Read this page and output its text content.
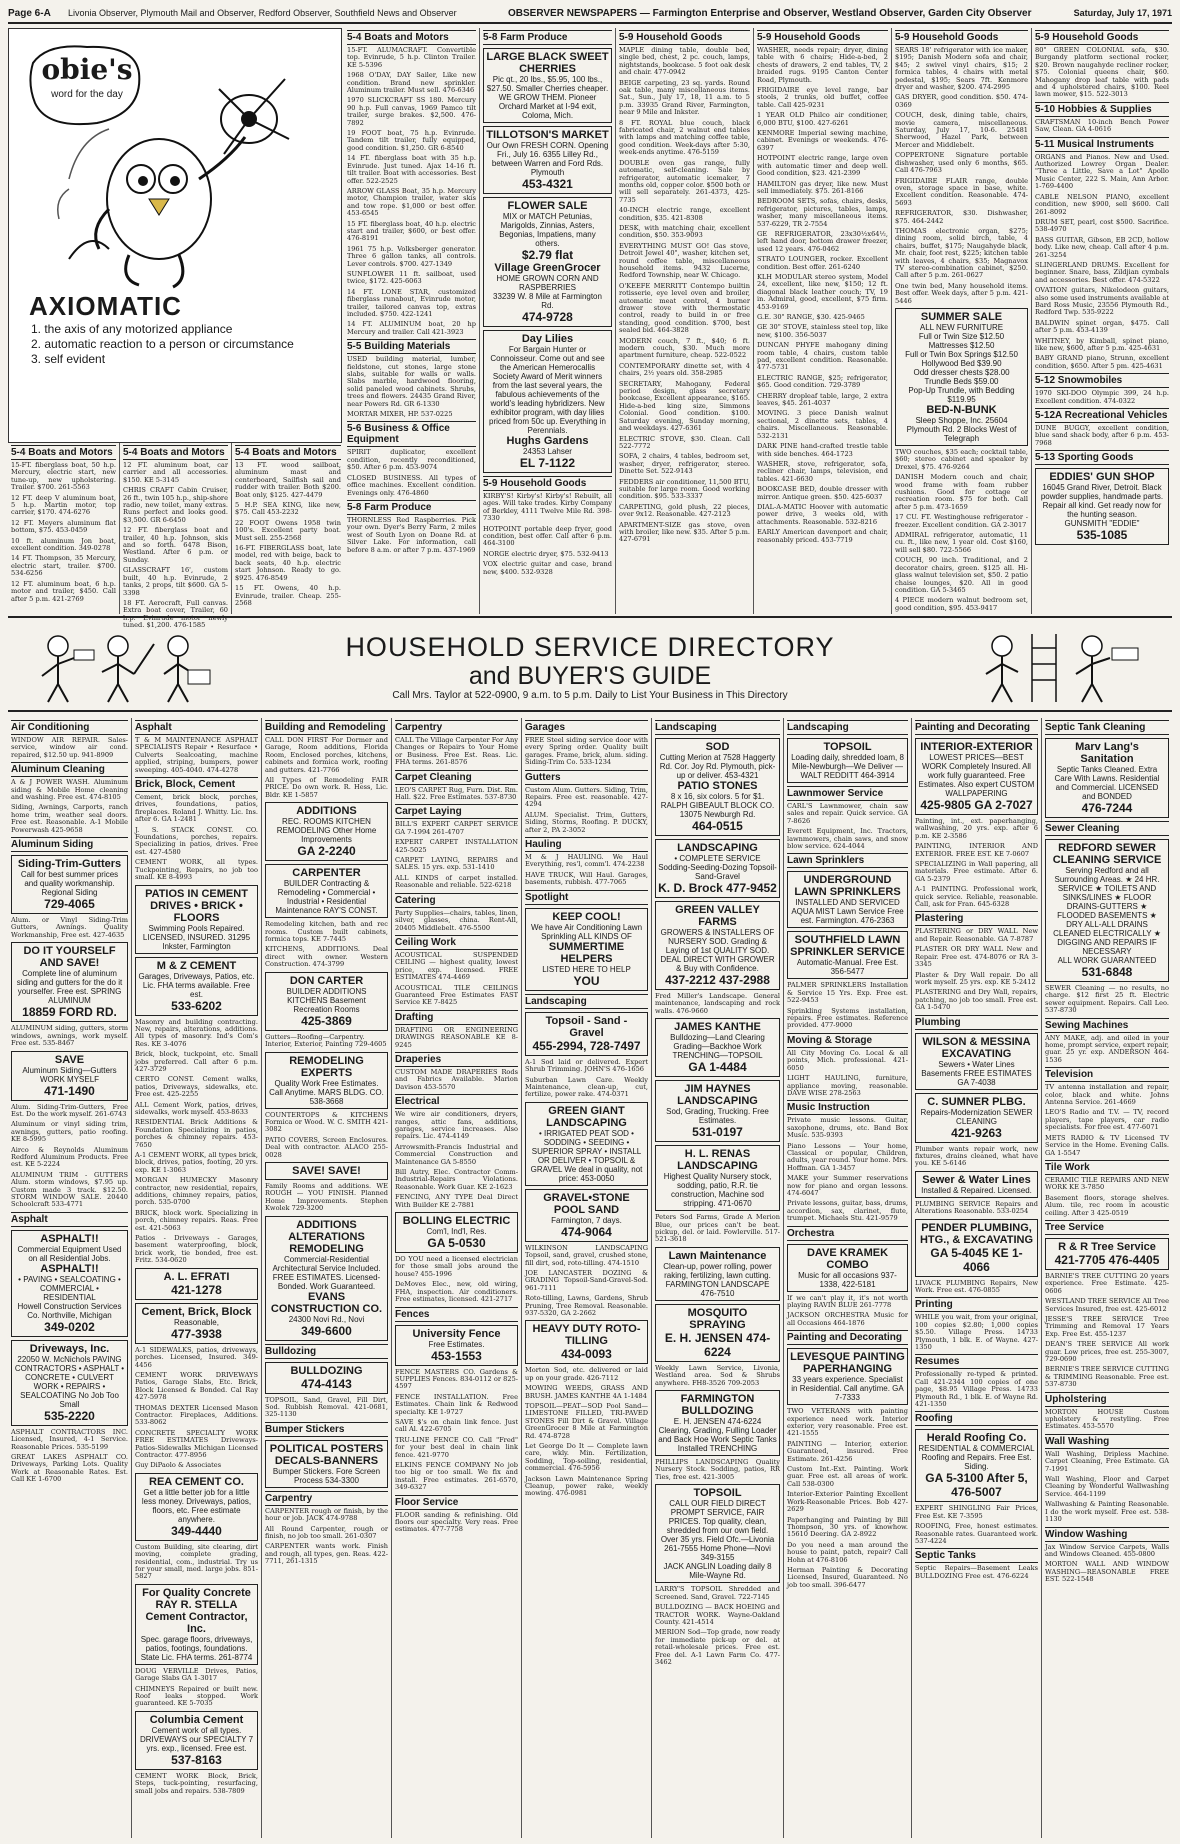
Page 6-A Livonia Observer, Plymouth Mail and Observer, Redford Observer, Southfield News and Observer	Saturday, July 17, 1971
OBSERVER NEWSPAPERS — Farmington Enterprise and Observer, Westland Observer, Garden City Observer
obie's
word for the day
AXIOMATIC
1. the axis of any motorized appliance
2. automatic reaction to a person or circumstance
3. self evident
5-4 Boats and Motors
15-FT. ALUMACRAFT. Convertible top. Evinrude, 5 h.p. Clinton Trailer. KE 5-5396
1968 O'DAY, DAY Sailer, Like new condition. Brand new sprinkler. Aluminum trailer. Must sell. 476-6346
1970 SLICKCRAFT SS 180. Mercury 90 h.p. Full canvas, 1969 Pamco tilt trailer, surge brakes. $2,500. 476-7892
19 FOOT boat, 75 h.p. Evinrude. Tandem tilt trailer, fully equipped, good condition. $1,250. GR 6-8540
14 FT. fiberglass boat with 35 h.p. Evinrude. Just tuned. Ajax 14-16 ft. tilt trailer. Boat with accessories. Best offer. 522-2525
ARROW GLASS Boat, 35 h.p. Mercury motor, Champion trailer, water skis and tow rope. $1,000 or best offer. 453-6545
15 FT. fiberglass boat, 40 h.p. electric start and trailer, $600, or best offer. 476-8191
1961 75 h.p. Volksberger generator. Three 6 gallon tanks, all controls. Lever controls. $700. 427-1349
SUNFLOWER 11 ft. sailboat, used twice, $172. 425-6063
14 FT. LONE STAR, customized fiberglass runabout, Evinrude motor, trailer, tailored canvas top, extras included. $750. 422-1241
14 FT. ALUMINUM boat, 20 hp Mercury and trailer. Call 421-3923
5-5 Building Materials
USED building material, lumber, fieldstone, cut stones, large stone slabs, suitable for walls or walls. Slabs marble, hardwood flooring, solid paneled wood cabinets. Shrubs, trees and flowers. 24435 Grand River, near Powers Rd. GR 6-1330
MORTAR MIXER, HP. 537-0225
5-6 Business & Office Equipment
SPIRIT duplicator, excellent condition, recently reconditioned, $50. After 6 p.m. 453-9074
CLOSED BUSINESS. All types of office machines. Excellent condition. Evenings only. 476-4860
5-8 Farm Produce
THORNLESS Red Raspberries. Pick your own. Dyer's Berry Farm, 2 miles west of South Lyon on Doane Rd. at Silver Lake. For information, call before 8 a.m. or after 7 p.m. 437-1969
5-8 Farm Produce
LARGE BLACK SWEET CHERRIES
Pic qt., 20 lbs., $5.95, 100 lbs., $27.50. Smaller Cherries cheaper. WE GROW THEM. Pioneer Orchard Market at I-94 exit, Coloma, Mich.
TILLOTSON'S MARKET
Our Own FRESH CORN. Opening Fri., July 16. 6355 Lilley Rd., between Warren and Ford Rds. Plymouth
453-4321
FLOWER SALE
MIX or MATCH Petunias, Marigolds, Zinnias, Asters, Begonias, Impatiens, many others.
$2.79 flat
Village GreenGrocer
HOME GROWN CORN AND RASPBERRIES
33239 W. 8 Mile at Farmington Rd.
474-9728
Day Lilies
For Bargain Hunter or Connoisseur. Come out and see the American Hemerocallis Society Award of Merit winners from the last several years, the fabulous achievements of the world's leading hybridizers. New exhibitor program, with day lilies priced from 50c up. Everything in Perennials.
Hughs Gardens
24353 Lahser
EL 7-1122
5-9 Household Goods
KIRBY'S! Kirby's! Kirby's! Rebuilt, all ages. Will take trades. Kirby Company of Berkley, 4111 Twelve Mile Rd. 398-7330
HOTPOINT portable deep fryer, good condition, best offer. Call after 6 p.m. 464-3100
NORGE electric dryer, $75. 532-9413
VOX electric guitar and case, brand new, $400. 532-9328
5-9 Household Goods
MAPLE dining table, double bed, single bed, chest, 2 pc. couch, lamps, nightstands, bookcase. 5 foot oak desk and chair. 477-0942
BEIGE carpeting, 23 sq. yards. Round oak table, many miscellaneous items. Sat., Sun., July 17, 18, 11 a.m. to 5 p.m. 33935 Grand River, Farmington, near 9 Mile and Inkster.
8 FT. ROYAL blue couch, black fabricated chair, 2 walnut end tables with lamps and matching coffee table, good condition. Week-days after 5:30, week-ends anytime. 476-5159
DOUBLE oven gas range, fully automatic, self-cleaning. Sale by refrigerator, automatic icemaker, 7 months old, copper color. $500 both or will sell separately. 261-4373, 425-7735
40-INCH electric range, excellent condition, $35. 421-8308
DESK, with matching chair, excellent condition, $50. 353-9093
EVERYTHING MUST GO! Gas stove, Detroit Jewel 40", washer, kitchen set, round coffee table, miscellaneous household items. 9432 Lucerne, Redford Township, near W. Chicago.
O'KEEFE MERRITT Contempo builtin rotisserie, eye level oven and broiler, automatic meat control, 4 burner drawer stove with thermostatic control, ready to build in or free standing, good condition. $700, best sealed bid. 464-3828
MODERN couch, 7 ft., $40; 6 ft. modern couch, $30. Much more apartment furniture, cheap. 522-0522
CONTEMPORARY dinette set, with 4 chairs, 2½ years old. 358-2985
SECRETARY, Mahogany, Federal period design, glass secretary bookcase, Excellent appearance, $165. Hide-a-bed king size, Simmons Colonial. Good condition. $100. Saturday evening, Sunday morning, and weekdays. 427-6361
ELECTRIC STOVE, $30. Clean. Call 522-7772
SOFA, 2 chairs, 4 tables, bedroom set, washer, dryer, refrigerator, stereo. Dinette Set. 522-9143
FEDDERS air conditioner, 11,500 BTU, suitable for large room. Good working condition. $95. 533-3337
CARPETING, gold plush, 22 pieces, over 9x12. Reasonable. 427-2123
APARTMENT-SIZE gas stove, oven with broiler, like new. $35. After 5 p.m. 427-6791
5-9 Household Goods
WASHER, needs repair; dryer, dining table with 6 chairs; Hide-a-bed, 2 chests of drawers, 2 end tables, TV, 2 braided rugs. 9195 Canton Center Road, Plymouth.
FRIGIDAIRE eye level range, bar stools, 2 trunks, old buffet, coffee table. Call 425-9231
1 YEAR OLD Philco air conditioner, 6,000 BTU, $100. 427-6261
KENMORE Imperial sewing machine, cabinet. Evenings or weekends. 476-6397
HOTPOINT electric range, large oven with automatic timer and deep well. Good condition, $23. 421-2399
HAMILTON gas dryer, like new. Must sell immediately. $75. 261-8166
BEDROOM SETS, sofas, chairs, desks, refrigerator, pictures, tables, lamps, washer, many miscellaneous items. 537-6229, TR 2-7554
GE REFRIGERATOR, 23x30½x64½, left hand door, bottom drawer freezer, used 12 years. 476-0462
STRATO LOUNGER, rocker. Excellent condition. Best offer. 261-6240
KLH MODULAR stereo system, Model 24, excellent, like new, $150; 12 ft. diagonal black leather couch; TV, 19 in. Admiral, good, excellent, $75 firm. 453-9169
G.E. 30" RANGE, $30. 425-9465
GE 30" STOVE, stainless steel top, like new, $100. 356-5037
DUNCAN PHYFE mahogany dining room table, 4 chairs, custom table pad, excellent condition. Reasonable. 477-5731
ELECTRIC RANGE, $25; refrigerator, $65. Good condition. 729-3789
CHERRY dropleaf table, large, 2 extra leaves, $45. 261-4037
MOVING. 3 piece Danish walnut sectional, 2 dinette sets, tables, 4 chairs. Miscellaneous. Reasonable. 532-2131
DARK PINE hand-crafted trestle table with side benches. 464-1723
WASHER, stove, refrigerator, sofa, recliner chair, lamps, television, end tables. 421-6630
BOOKCASE BED, double dresser with mirror. Antique green. $50. 425-6037
DIAL-A-MATIC Hoover with automatic power drive, 3 weeks old, with attachments. Reasonable. 532-8216
EARLY American davenport and chair, reasonably priced. 453-7719
5-9 Household Goods
SEARS 18' refrigerator with ice maker, $195; Danish Modern sofa and chair, $45; 2 swivel vinyl chairs, $15; 2 formica tables, 4 chairs with metal pedestal, $195; Sears 7ft. Kenmore dryer and washer, $200. 474-2995
GAS DRYER, good condition. $50. 474-0369
COUCH, desk, dining table, chairs, movie camera, miscellaneous. Saturday, July 17, 10-6. 25481 Sherwood, Hazel Park, between Mercer and Middlebelt.
COPPERTONE Signature portable dishwasher, used only 6 months, $65. Call 476-7963
FRIGIDAIRE FLAIR range, double oven, storage space in base, white. Excellent condition. Reasonable. 474-5693
REFRIGERATOR, $30. Dishwasher, $75. 464-2442
THOMAS electronic organ, $275; dining room, solid birch, table, 4 chairs, buffet, $175; Naugahyde black, Mr. chair, foot rest, $225; kitchen table with leaves, 4 chairs, $35; Magnavox TV stereo-combination cabinet, $250. Call after 5 p.m. 261-0627
One twin bed, Many household items. Best offer. Week days, after 5 p.m. 421-5446
SUMMER SALE
ALL NEW FURNITURE
Full or Twin Size $12.50
Mattresses $12.50
Full or Twin Box Springs $12.50
Hollywood Bed $39.90
Odd dresser chests $28.00
Trundle Beds $59.00
Pop-Up Trundle, with Bedding $119.95
BED-N-BUNK
Sleep Shoppe, Inc. 25604 Plymouth Rd. 2 Blocks West of Telegraph
TWO couches, $35 each; cocktail table, $60; stereo cabinet and speaker by Drexel, $75. 476-9264
DANISH Modern couch and chair, wood frame with foam rubber cushions. Good for cottage or recreation room. $75 for both. Call after 5 p.m. 473-1659
17 CU. FT. Westinghouse refrigerator - freezer. Excellent condition. GA 2-3017
ADMIRAL refrigerator, automatic, 11 cu. ft., like new, 1 year old. Cost $160, will sell $80. 722-5566
COUCH, 90 inch. Traditional, and 2 decorator chairs, green. $125 all. Hi-glass walnut television set, $50. 2 patio chaise lounges, $20. All in good condition. GA 5-3465
4 PIECE modern walnut bedroom set, good condition, $95. 453-9417
5-9 Household Goods
80" GREEN COLONIAL sofa, $30. Burgandy platform sectional rocker, $20. Brown naugahyde recliner rocker, $75. Colonial queens chair, $60. Mahogany drop leaf table with pads and 4 upholstered chairs, $100. Reel lawn mower, $15. 522-3013
5-10 Hobbies & Supplies
CRAFTSMAN 10-inch Bench Power Saw, Clean. GA 4-0616
5-11 Musical Instruments
ORGANS and Pianos. New and Used. Authorized Lowrey Organ Dealer. "Three a Little, Save a Lot" Apollo Music Center, 222 S. Main, Ann Arbor. 1-769-4400
CABLE NELSON PIANO, excellent condition, new $900, sell $600. Call 261-8092
DRUM SET, pearl, cost $500. Sacrifice. 538-4970
BASS GUITAR, Gibson, EB 2CD, hollow body. Like new, cheap. Call after 4 p.m. 261-3254
SLINGERLAND DRUMS. Excellent for beginner. Snare, bass, Zildjian cymbals and accessories. Best offer. 474-5322
OVATION guitars, Nikelodeon guitars, also some used instruments available at Bard Ross Music, 23556 Plymouth Rd., Redford Twp. 535-9222
BALDWIN spinet organ, $475. Call after 5 p.m. 453-4139
WHITNEY, by Kimball, spinet piano, like new, $600, after 5 p.m. 425-4631
BABY GRAND piano, Strunn, excellent condition, $650. After 5 pm. 425-4631
5-12 Snowmobiles
1970 SKI-DOO Olympic 399, 24 h.p. Excellent condition. 474-0322
5-12A Recreational Vehicles
DUNE BUGGY, excellent condition, blue sand shack body, after 6 p.m. 453-7968
5-13 Sporting Goods
EDDIES' GUN SHOP
16045 Grand River, Detroit. Black powder supplies, handmade parts. Repair all kind. Get ready now for the hunting season.
GUNSMITH "EDDIE"
535-1085
5-4 Boats and Motors
15-FT. fiberglass boat, 50 h.p. Mercury, electric start, new tune-up, new upholstering. Trailer. $700. 261-5563
12 FT. deep V aluminum boat, 5 h.p. Martin motor, top carrier, $170. 474-6276
12 FT. Meyers aluminum flat bottom, $75. 453-0459
10 ft. aluminum Jon boat, excellent condition. 349-0278
14 FT. Thompson, 35 Mercury, electric start, trailer. $700. 534-6256
12 FT. aluminum boat, 6 h.p. motor and trailer, $450. Call after 5 p.m. 421-2769
5-4 Boats and Motors
12 FT. aluminum boat, car carrier and all accessories. $150. KE 5-3145
CHRIS CRAFT Cabin Cruiser, 26 ft., twin 105 h.p., ship-shore radio, new toilet, many extras. Runs perfect and looks good. $3,500. GR 6-6450
12 FT. fiberglass boat and trailer, 40 h.p. Johnson, skis and so forth. 6478 Bison, Westland. After 6 p.m. or Sunday.
GLASSCRAFT 16', custom built, 40 h.p. Evinrude, 2 tanks, 2 props, tilt $600. GA 5-3398
18 FT. Aerocraft, Full canvas. Extra boat cover, Trailer, 60 h.p. Evinrude motor newly tuned. $1,200. 476-1585
5-4 Boats and Motors
13 FT. wood sailboat, aluminum mast and centerboard, Sailfish sail and rudder with trailer. Both $200. Boat only, $125. 427-4479
5 H.P. SEA KING, like new, $75. Call 453-2232
22 FOOT Owens 1958 twin 100's. Excellent party boat. Must sell. 255-2568
16-FT. FIBERGLASS boat, late model, red with beige, back to back seats, 40 h.p. electric start Johnson. Ready to go. $925. 476-8549
15 FT. Owens, 40 h.p. Evinrude, trailer. Cheap. 255-2568
HOUSEHOLD SERVICE DIRECTORY
and BUYER'S GUIDE
Call Mrs. Taylor at 522-0900, 9 a.m. to 5 p.m. Daily to List Your Business in This Directory
Air Conditioning
WINDOW AIR REPAIR. Sales-service, window air cond. repaired, $12.50 up. 941-8909
Aluminum Cleaning
A & J POWER WASH. Aluminum siding & Mobile Home cleaning and washing. Free est. 474-8105
Siding, Awnings, Carports, ranch home trim, weather seal doors. Free est. Reasonable. A-1 Mobile Powerwash 425-9658
Aluminum Siding
Siding-Trim-Gutters
Call for best summer prices and quality workmanship. Regional Siding
729-4065
Alum. or Vinyl Siding-Trim Gutters, Awnings. Quality Workmanship, Free est. 427-4635
DO IT YOURSELF AND SAVE!
Complete line of aluminum siding and gutters for the do it yourselfer. Free est. SPRING ALUMINUM
18859 FORD RD.
ALUMINUM siding, gutters, storm windows, awnings, work myself. Free est. 535-8467
SAVE
Aluminum Siding—Gutters WORK MYSELF
471-1490
Alum. Siding-Trim-Gutters, Free Est. Do the work myself. 261-6743
Aluminum or vinyl siding trim, awnings, gutters, patio roofing. KE 8-5995
Airco & Reynolds Aluminum Redford Aluminum Products. Free est. KE 5-2224
ALUMINUM TRIM - GUTTERS Alum. storm windows, $7.95 up. Custom made 3 track. $12.50. STORM WINDOW SALE. 20440 Schoolcraft 533-4771
Asphalt
ASPHALT!!
Commercial Equipment Used on all Residential Jobs.
ASPHALT!!
• PAVING • SEALCOATING • COMMERCIAL • RESIDENTIAL
Howell Construction Services Co. Northville, Michigan
349-0202
Driveways, Inc.
22050 W. McNichols PAVING CONTRACTORS • ASPHALT • CONCRETE • CULVERT WORK • REPAIRS • SEALCOATING No Job Too Small
535-2220
ASPHALT CONTRACTORS INC. Licensed, Insured, 4-1 Service. Reasonable Prices. 535-5199
GREAT LAKES ASPHALT CO. Driveways, Parking Lots. Quality Work at Reasonable Rates. Est. Call KE 1-6700
Asphalt
T & M MAINTENANCE ASPHALT SPECIALISTS Repair • Resurface • Culverts Sealcoating, machine applied, striping, bumpers, power sweeping. 405-4040. 474-4278
Brick, Block, Cement
Cement, brick block, porches, drives, foundations, patios, fireplaces. Roland J. Whitty. Lic. Ins. after 6. GA 1-2481
J. S. STACK CONST. CO. Foundations, porches, repairs. Specializing in patios, drives. Free est. 427-4580
CEMENT WORK, all types. Tuckpointing, Repairs, no job too small. KE 8-4993
PATIOS IN CEMENT DRIVES • BRICK • FLOORS
Swimming Pools Repaired. LICENSED, INSURED. 31295 Inkster, Farmington
M & Z CEMENT
Garages, Driveways, Patios, etc. Lic. FHA terms available. Free est.
533-6202
Masonry and building contracting. New, repairs, alterations, additions. All types of masonry. Ind's Com's Res. KE 3-4076
Brick, block, tuckpoint, etc. Small jobs preferred. Call after 6 p.m. 427-3729
CERTO CONST. Cement walks, patios, Driveways, sidewalks, etc. Free est. 425-2255
ALL Cement Work, patios, drives, sidewalks, work myself. 453-8633
RESIDENTIAL Brick Additions & Foundation Specializing in patios, porches & chimney repairs. 453-7650
A-1 CEMENT WORK, all types brick, block, drives, patios, footing, 20 yrs. exp. KE 1-3063
MORGAN HUMECKY Masonry contractor, new residential, repairs, additions, chimney repairs, patios, porch. 535-0700
BRICK, block work. Specializing in porch, chimney repairs. Reas. Free est. 421-5063
Patios - Driveways - Garages, basement waterproofing, block, brick work, tie bonded, free est. Fritz. 534-0620
A. L. EFRATI
421-1278
Cement, Brick, Block
Reasonable,
477-3938
A-1 SIDEWALKS, patios, driveways, porches. Licensed, Insured. 349-4456
CEMENT WORK DRIVEWAYS Patios, Garage Slabs, Etc. Brick, Block Licensed & Bonded. Cal Ray 427-5978
THOMAS DEXTER Licensed Mason Contractor. Fireplaces, Additions. 533-8062
CONCRETE SPECIALTY WORK FREE ESTIMATES Driveways-Patios-Sidewalks Michigan Licensed Contractor. 477-8956
Guy DiPaolo & Associates
REA CEMENT CO.
Get a little better job for a little less money. Driveways, patios, floors, etc. Free estimate anywhere.
349-4440
Custom Building, site clearing, dirt moving, complete grading, residential, com., industrial. Try us for your small, med. large jobs. 851-5827
For Quality Concrete RAY R. STELLA Cement Contractor, Inc.
Spec. garage floors, driveways, patios, footings, foundations. State Lic. FHA terms. 261-8774
DOUG VERVILLE Drives, Patios, Garage Slabs GA 1-3017
CHIMNEYS Repaired or built new. Roof leaks stopped. Work guaranteed. KE 5-7035
Columbia Cement
Cement work of all types. DRIVEWAYS our SPECIALTY 7 yrs. exp., licensed. Free est.
537-8163
CEMENT WORK Block, Brick, Steps, tuck-pointing, resurfacing, small jobs and repairs. 538-7809
Building and Remodeling
CALL DON FIRST For Dormer and Garage, Room additions, Florida Room, Enclosed porches, kitchens, cabinets and formica work, roofing and gutters. 421-7766
All Types of Remodeling FAIR PRICE. Do own work. R. Hess, Lic. Bldr. KE 1-5857
ADDITIONS
REC. ROOMS KITCHEN REMODELING Other Home Improvements
GA 2-2240
CARPENTER
BUILDER Contracting & Remodeling • Commercial • Industrial • Residential Maintenance RAY'S CONST.
Remodeling kitchen, bath and rec rooms. Custom built cabinets, formica tops. KE 7-7445
KITCHENS, ADDITIONS. Deal direct with owner. Western Construction. 474-3799
DON CARTER
BUILDER ADDITIONS KITCHENS Basement Recreation Rooms
425-3869
Gutters—Roofing—Carpentry. Interior, Exterior, Painting 729-4605
REMODELING EXPERTS
Quality Work Free Estimates. Call Anytime. MARS BLDG. CO. 538-3668
COUNTERTOPS & KITCHENS Formica or Wood. W. C. SMITH 421-3082
PATIO COVERS, Screen Enclosures. Deal with contractor. ALACO 255-0028
SAVE! SAVE!
Family Rooms and additions. WE ROUGH — YOU FINISH. Planned Home Improvements. Stephen Kwolek 729-3200
ADDITIONS ALTERATIONS REMODELING
Commercial-Residential Architectural Service Included. FREE ESTIMATES. Licensed-Bonded. Work Guaranteed.
EVANS CONSTRUCTION CO.
24300 Novi Rd., Novi
349-6600
Bulldozing
BULLDOZING
474-4143
TOPSOIL, Sand, Gravel, Fill Dirt, Sod. Rubbish Removal. 421-0681, 325-1130
Bumper Stickers
POLITICAL POSTERS DECALS-BANNERS
Bumper Stickers. Fore Screen Process 534-3300
Carpentry
CARPENTER rough or finish, by the hour or job. JACK 474-9788
All Round Carpenter, rough or finish, no job too small. 261-0307
CARPENTER wants work. Finish and rough, all types, gen. Reas. 422-7711, 261-1315
Carpentry
CALL The Village Carpenter For Any Changes or Repairs to Your Home or Business. Free Est. Reas. Lic. FHA terms. 261-8576
Carpet Cleaning
LEO'S CARPET Rug, Furn. Dist. Rm. Hall. $22. Free Estimates. 537-8730
Carpet Laying
BILL'S EXPERT CARPET SERVICE GA 7-1994 261-4707
EXPERT CARPET INSTALLATION 425-5025
CARPET LAYING, REPAIRS and SALES. 15 yrs. exp. 531-1410
ALL KINDS of carpet installed. Reasonable and reliable. 522-6218
Catering
Party Supplies—chairs, tables, linen, silver, glasses, china. Rent-All, 20405 Middlebelt. 476-5500
Ceiling Work
ACOUSTICAL SUSPENDED CEILING — highest quality, lowest price, exp. licensed. FREE ESTIMATES 474-4469
ACOUSTICAL TILE CEILINGS Guaranteed Free Estimates FAST Service KE 7-8425
Drafting
DRAFTING OR ENGINEERING DRAWINGS REASONABLE KE 8-9245
Draperies
CUSTOM MADE DRAPERIES Rods and Fabrics Available. Marion Davison 453-5570
Electrical
We wire air conditioners, dryers, ranges, attic fans, additions, garages, service increases. Also repairs. Lic. 474-4149
Arrowsmith-Francis Industrial and Commercial Construction and Maintenance GA 5-8550
Bill Autry, Elec. Contractor Comm-Industrial-Repairs Violations. Reasonable. Work Guar. KE 2-1623
FENCING, ANY TYPE Deal Direct With Builder KE 2-7881
BOLLING ELECTRIC
Com'l, Ind'l, Res.
GA 5-0530
DO YOU need a licensed electrician for those small jobs around the house? 455-1996
DeMoves Elec., new, old wiring, FHA, inspection. Air conditioners. Free estimates, licensed. 421-2717
Fences
University Fence
Free Estimates.
453-1553
FENCE MASTERS CO. Gardens & SUPPLIES Fences. 834-0112 or 825-4597
FENCE INSTALLATION. Free Estimates. Chain link & Redwood specialty. KE 1-9727
SAVE $'s on chain link fence. Just call Al. 422-6705
TRU-LINE FENCE CO. Call "Fred" for your best deal in chain link fence. 421-9770
ELKINS FENCE COMPANY No job too big or too small. We fix and install. Free estimates. 261-6570, 349-6327
Floor Service
FLOOR sanding & refinishing. Old floors our specialty. Very reas. Free estimates. 477-7758
Garages
FREE Steel siding service door with every Spring order. Quality built garages. Frame, brick, alum. siding. Siding-Trim Co. 533-1234
Gutters
Custom Alum. Gutters. Siding, Trim, Repairs. Free est. reasonable. 427-4294
ALUM. Specialist. Trim, Gutters, Siding, Storms, Roofing. P. DUCKY, after 2, PA 2-3052
Hauling
M & J HAULING. We Haul Everything, res'l, comm'l. 474-2238
HAVE TRUCK, Will Haul. Garages, basements, rubbish. 477-7065
Spotlight
KEEP COOL!
We have Air Conditioning Lawn Sprinkling ALL KINDS OF
SUMMERTIME HELPERS
LISTED HERE TO HELP
YOU
Landscaping
Topsoil - Sand - Gravel
455-2994, 728-7497
A-1 Sod laid or delivered. Expert Shrub Trimming. JOHN'S 476-1656
Suburban Lawn Care. Weekly Maintenance, clean-up, cut, fertilize, power rake. 474-0371
GREEN GIANT LANDSCAPING
• IRRIGATED PEAT SOD • SODDING • SEEDING • SUPERIOR SPRAY • INSTALL OR DELIVER • TOPSOIL & GRAVEL We deal in quality, not price: 453-0050
GRAVEL•STONE POOL SAND
Farmington, 7 days.
474-9064
WILKINSON LANDSCAPING Topsoil, sand, gravel, crushed stone, fill dirt, sod, roto-tilling. 474-1510
JOE LANCASTER DOZING & GRADING Topsoil-Sand-Gravel-Sod. 961-7111
Roto-tilling, Lawns, Gardens, Shrub Pruning, Tree Removal. Reasonable. 937-5320, GA 2-2662
HEAVY DUTY ROTO-TILLING
434-0093
Morton Sod, etc. delivered or laid up on your grade. 426-7112
MOWING WEEDS, GRASS AND BRUSH. JAMES KANTHE 4A 1-1484
TOPSOIL—PEAT—SOD Pool Sand—LIMESTONE FILLED, TRI-PAVED STONES Fill Dirt & Gravel. Village GreenGrocer 8 Mile at Farmington Rd. 474-8728
Let George Do It — Complete lawn care, wkly. Min. Fertilization, Sodding, Top-soiling, residential, commercial. 476-5956
Jackson Lawn Maintenance Spring Cleanup, power rake, weekly mowing. 476-0981
Landscaping
SOD
Cutting Merion at 7528 Haggerty Rd. Cor. Joy Rd. Plymouth, pick-up or deliver. 453-4321
PATIO STONES
8 x 16, six colors. 5 for $1. RALPH GIBEAULT BLOCK CO. 13075 Newburgh Rd.
464-0515
LANDSCAPING
• COMPLETE SERVICE Sodding-Seeding-Dozing Topsoil-Sand-Gravel
K. D. Brock 477-9452
GREEN VALLEY FARMS
GROWERS & INSTALLERS OF NURSERY SOD. Grading & Laying of 1st QUALITY SOD. DEAL DIRECT WITH GROWER & Buy with Confidence.
437-2212 437-2988
Fred Miller's Landscape. General maintenance, landscaping and rock walls. 476-9660
JAMES KANTHE
Bulldozing—Land Clearing Grading—Backhoe Work TRENCHING—TOPSOIL
GA 1-4484
JIM HAYNES LANDSCAPING
Sod, Grading, Trucking. Free Estimates.
531-0197
H. L. RENAS LANDSCAPING
Highest Quality Nursery stock, sodding, patio, R.R. tie construction, Machine sod stripping. 471-0670
Peters Sod Farms, Grade A Merion Blue, our prices can't be beat. pickup, del. or laid. Fowlerville. 517-521-3618
Lawn Maintenance
Clean-up, power rolling, power raking, fertilizing, lawn cutting. FARMINGTON LANDSCAPE 476-7510
MOSQUITO SPRAYING
E. H. JENSEN 474-6224
Weekly Lawn Service, Livonia, Westland area. Sod & Shrubs anywhere. FH8-3526 709-2053
FARMINGTON BULLDOZING
E. H. JENSEN 474-6224 Clearing, Grading, Fulling Loader and Back Hoe Work Septic Tanks Installed TRENCHING
PHILLIPS LANDSCAPING Quality Nursery Stock. Sodding, patios, RR Ties, free est. 421-3005
TOPSOIL
CALL OUR FIELD DIRECT PROMPT SERVICE, FAIR PRICES. Top quality, clean, shredded from our own field. Over 35 yrs. Field Ofc.—Livonia 261-7555 Home Phone—Novi 349-3155
JACK ANGLIN Loading daily 8 Mile-Wayne Rd.
LARRY'S TOPSOIL Shredded and Screened. Sand, Gravel. 722-7145
BULLDOZING — BACK HOEING and TRACTOR WORK. Wayne-Oakland County. 421-4514
MERION Sod—Top grade, now ready for immediate pick-up or del. at retail-wholesale prices. Free est. Free del. A-1 Lawn Farm Co. 477-3462
Landscaping
TOPSOIL
Loading daily, shredded loam, 8 Mile-Newburgh—We Deliver — WALT REDDITT 464-3914
Lawnmower Service
CARL'S Lawnmower, chain saw sales and repair. Quick service. GA 7-8626
Everett Equipment, Inc. Tractors, lawnmowers, chain saws, and snow blow service. 624-4044
Lawn Sprinklers
UNDERGROUND LAWN SPRINKLERS
INSTALLED AND SERVICED AQUA MIST Lawn Service Free est. Farmington. 476-2363
SOUTHFIELD LAWN SPRINKLER SERVICE
Automatic-Manual. Free Est. 356-5477
PALMER SPRINKLERS Installation & Service 15 Yrs. Exp. Free est. 522-9453
Sprinkling Systems installation, repairs. Free estimates. Reference provided. 477-9000
Moving & Storage
All City Moving Co. Local & all points, Mich. professional. 421-6050
LIGHT HAULING, furniture, appliance moving, reasonable. DAVE WISE 278-2563
Music Instruction
Private music lessons. Guitar, saxophone, drums, etc. Band Box Music. 535-9393
Piano Lessons — Your home, Classical or popular, Children, adults, year round. Your home. Mrs. Hoffman. GA 1-3457
MAKE your Summer reservations now for piano and organ lessons. 474-6047
Private lessons, guitar, bass, drums, accordion, sax, clarinet, flute, trumpet. Michaels Stu. 421-9579
Orchestra
DAVE KRAMEK COMBO
Music for all occasions 937-1338, 422-5181
If we can't play it, it's not worth playing RAVIN BLUE 261-7778
JACKSON ORCHESTRA Music for all Occasions 464-1876
Painting and Decorating
LEVESQUE PAINTING PAPERHANGING
33 years experience. Specialist in Residential. Call anytime. GA 7-7333
TWO VETERANS with painting experience need work. Interior exterior, very reasonable. Free est. 421-1555
PAINTING — Interior, exterior. Guaranteed, insured. Free Estimate. 261-4256
Custom Int.-Ext. Painting. Work guar. Free est. all areas of work. Call 538-0300
Interior-Exterior Painting Excellent Work-Reasonable Prices. Bob 427-2629
Paperhanging and Painting by Bill Thompson, 30 yrs. of knowhow. 15610 Deering. GA 2-8922
Do you need a man around the house to paint, patch, repair? Call Hohn at 476-8106
Herman Painting & Decorating Licensed, Insured, Guaranteed. No job too small. 396-6477
Painting and Decorating
INTERIOR-EXTERIOR
LOWEST PRICES—BEST WORK Completely Insured. All work fully guaranteed. Free Estimates. Also expert CUSTOM WALLPAPERING
425-9805 GA 2-7027
Painting, int., ext. paperhanging, wallwashing, 20 yrs. exp. after 6 p.m. KE 2-3586
PAINTING, INTERIOR AND EXTERIOR. FREE EST. KE 7-0607
SPECIALIZING in Wall papering, all materials. Free estimate. After 6. GA 5-2379
A-1 PAINTING. Professional work, quick service. Reliable, reasonable. Call, ask for Fran. 645-6328
Plastering
PLASTERING or DRY WALL New and Repair. Reasonable. GA 7-8787
PLASTER OR DRY WALL New and Repair. Free est. 474-8076 or RA 3-3345
Plaster & Dry Wall repair. Do all work myself. 25 yrs. exp. KE 5-2412
PLASTERING and Dry Wall, repairs, patching, no job too small. Free est. GA 1-5470
Plumbing
WILSON & MESSINA EXCAVATING
Sewers • Water Lines Basements FREE ESTIMATES GA 7-4038
C. SUMNER PLBG.
Repairs-Modernization SEWER CLEANING
421-9263
Plumber wants repair work, new fixtures, drains cleaned, what have you. KE 5-6146
Sewer & Water Lines
Installed & Repaired. Licensed.
PLUMBING SERVICE Repairs and Alterations Reasonable. 533-0254
PENDER PLUMBING, HTG., & EXCAVATING
GA 5-4045 KE 1-4066
LIVACK PLUMBING Repairs, New Work. Free est. 476-0855
Printing
WHILE you wait, from your original, 100 copies $2.80; 1,000 copies $5.50. Village Press. 14733 Plymouth, 1 blk. E. of Wayne. 427-1350
Resumes
Professionally re-typed & printed. Call 421-2344 100 copies of one page, $8.95 Village Press. 14733 Plymouth Rd., 1 blk. E. of Wayne Rd. 421-1350
Roofing
Herald Roofing Co.
RESIDENTIAL & COMMERCIAL Roofing and Repairs. Free Est. Siding.
GA 5-3100 After 5, 476-5007
EXPERT SHINGLING Fair Prices, Free Est. KE 7-3595
ROOFING, Free, honest estimates. Reasonable rates. Guaranteed work. 537-4224
Septic Tanks
Septic Repairs—Basement Leaks BULLDOZING Free est. 476-6224
Septic Tank Cleaning
Marv Lang's Sanitation
Septic Tanks Cleaned. Extra Care With Lawns. Residential and Commercial. LICENSED and BONDED
476-7244
Sewer Cleaning
REDFORD SEWER CLEANING SERVICE
Serving Redford and all Surrounding Areas. ★ 24 HR. SERVICE ★ TOILETS AND SINKS/LINES ★ FLOOR DRAINS-GUTTERS ★ FLOODED BASEMENTS ★ DRY ALL-ALL DRAINS CLEANED ELECTRICALLY ★ DIGGING AND REPAIRS IF NECESSARY
ALL WORK GUARANTEED
531-6848
SEWER Cleaning — no results, no charge. $12 first 25 ft. Electric sewer equipment. Repairs. Call Leo. 537-8730
Sewing Machines
ANY MAKE, adj. and oiled in your home, prompt service, expert repair, guar. 25 yr. exp. ANDERSON 464-1536
Television
TV antenna installation and repair, color, black and white. Johns Antenna Service. 261-4669
LEO'S Radio and T.V. — TV, record players, tape players, car radio specialists. For free est. 477-6071
METS RADIO & TV Licensed TV Service in the Home. Evening Calls. GA 1-5547
Tile Work
CERAMIC TILE REPAIRS AND NEW WORK KE 3-7850
Basement floors, storage shelves. Alum. tile, rec room in acoustic ceiling. After 3 425-0519
Tree Service
R & R Tree Service
421-7705 476-4405
BARNIE'S TREE CUTTING 20 years experience. Free Estimate. 425-0606
WESTLAND TREE SERVICE All Tree Services Insured, free est. 425-6012
JESSE'S TREE SERVICE Tree Trimming and Removal 17 Years Exp. Free Est. 455-1237
DEAN'S TREE SERVICE All work guar. Low prices, free est. 255-3007, 729-0690
BERNIE'S TREE SERVICE CUTTING & TRIMMING Reasonable. Free est. 537-8730
Upholstering
MORTON HOUSE Custom upholstery & restyling. Free Estimates. 453-5570
Wall Washing
Wall Washing, Dripless Machine. Carpet Cleaning, Free Estimate. GA 7-1991
Wall Washing, Floor and Carpet Cleaning by Wonderful Wallwashing Service. 464-1199
Wallwashing & Painting Reasonable. I do the work myself. Free est. 538-1130
Window Washing
Jax Window Service Carpets, Walls and Windows Cleaned. 455-0800
MORTON WALL AND WINDOW WASHING—REASONABLE FREE EST. 522-1548
